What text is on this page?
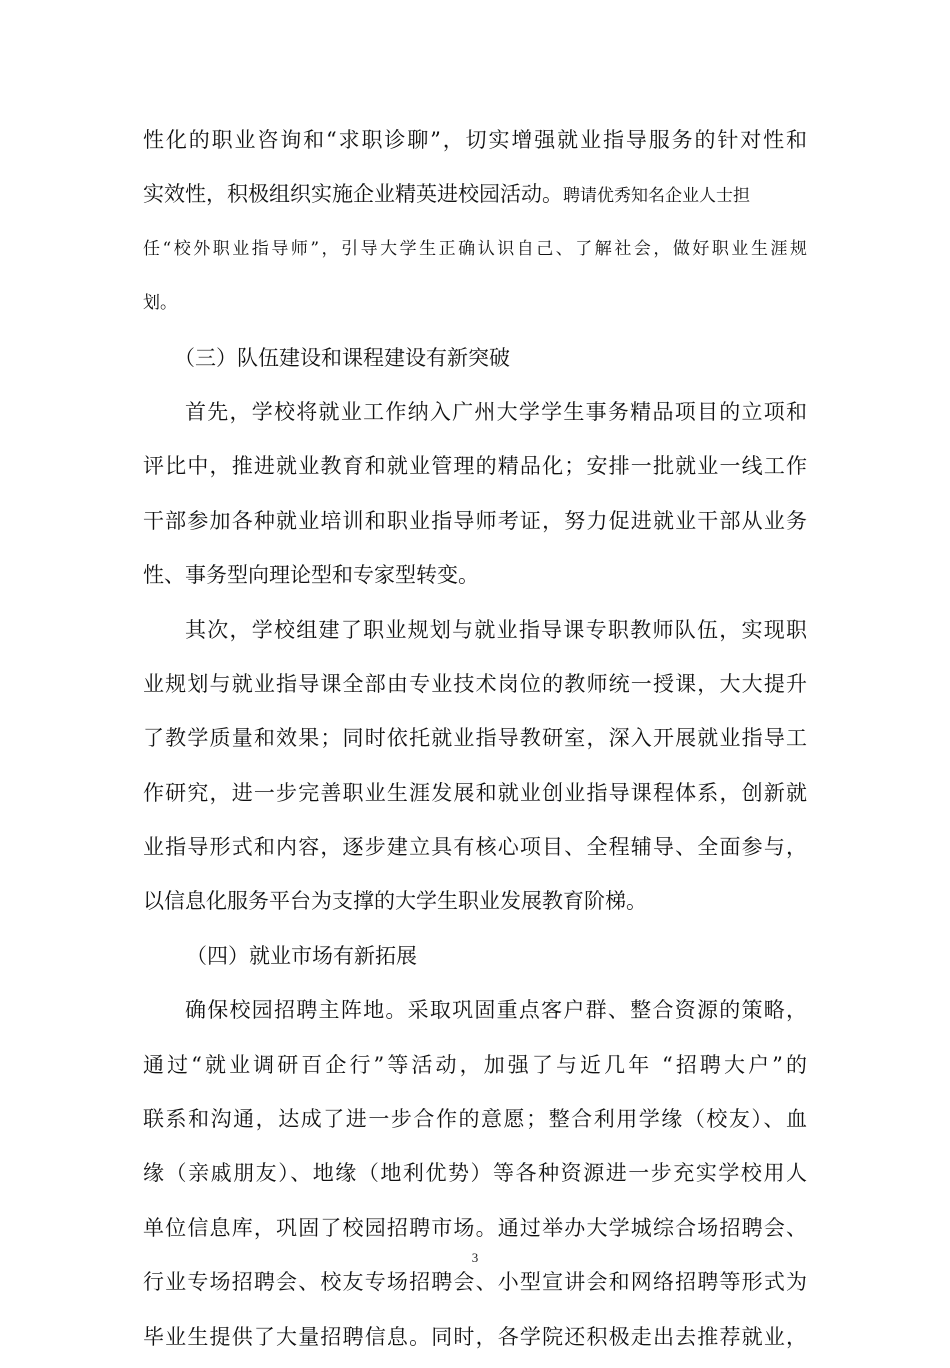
性化的职业咨询和“求职诊聊”，切实增强就业指导服务的针对性和
实效性，积极组织实施企业精英进校园活动。聘请优秀知名企业人士担
任“校外职业指导师”，引导大学生正确认识自己、了解社会，做好职业生涯规
划。
（三）队伍建设和课程建设有新突破
首先，学校将就业工作纳入广州大学学生事务精品项目的立项和
评比中，推进就业教育和就业管理的精品化；安排一批就业一线工作
干部参加各种就业培训和职业指导师考证，努力促进就业干部从业务
性、事务型向理论型和专家型转变。
其次，学校组建了职业规划与就业指导课专职教师队伍，实现职
业规划与就业指导课全部由专业技术岗位的教师统一授课，大大提升
了教学质量和效果；同时依托就业指导教研室，深入开展就业指导工
作研究，进一步完善职业生涯发展和就业创业指导课程体系，创新就
业指导形式和内容，逐步建立具有核心项目、全程辅导、全面参与，
以信息化服务平台为支撑的大学生职业发展教育阶梯。
（四）就业市场有新拓展
确保校园招聘主阵地。采取巩固重点客户群、整合资源的策略，
通过“就业调研百企行”等活动，加强了与近几年 “招聘大户”的
联系和沟通，达成了进一步合作的意愿；整合利用学缘（校友）、血
缘（亲戚朋友）、地缘（地利优势）等各种资源进一步充实学校用人
单位信息库，巩固了校园招聘市场。通过举办大学城综合场招聘会、
行业专场招聘会、校友专场招聘会、小型宣讲会和网络招聘等形式为
毕业生提供了大量招聘信息。同时，各学院还积极走出去推荐就业，
3
